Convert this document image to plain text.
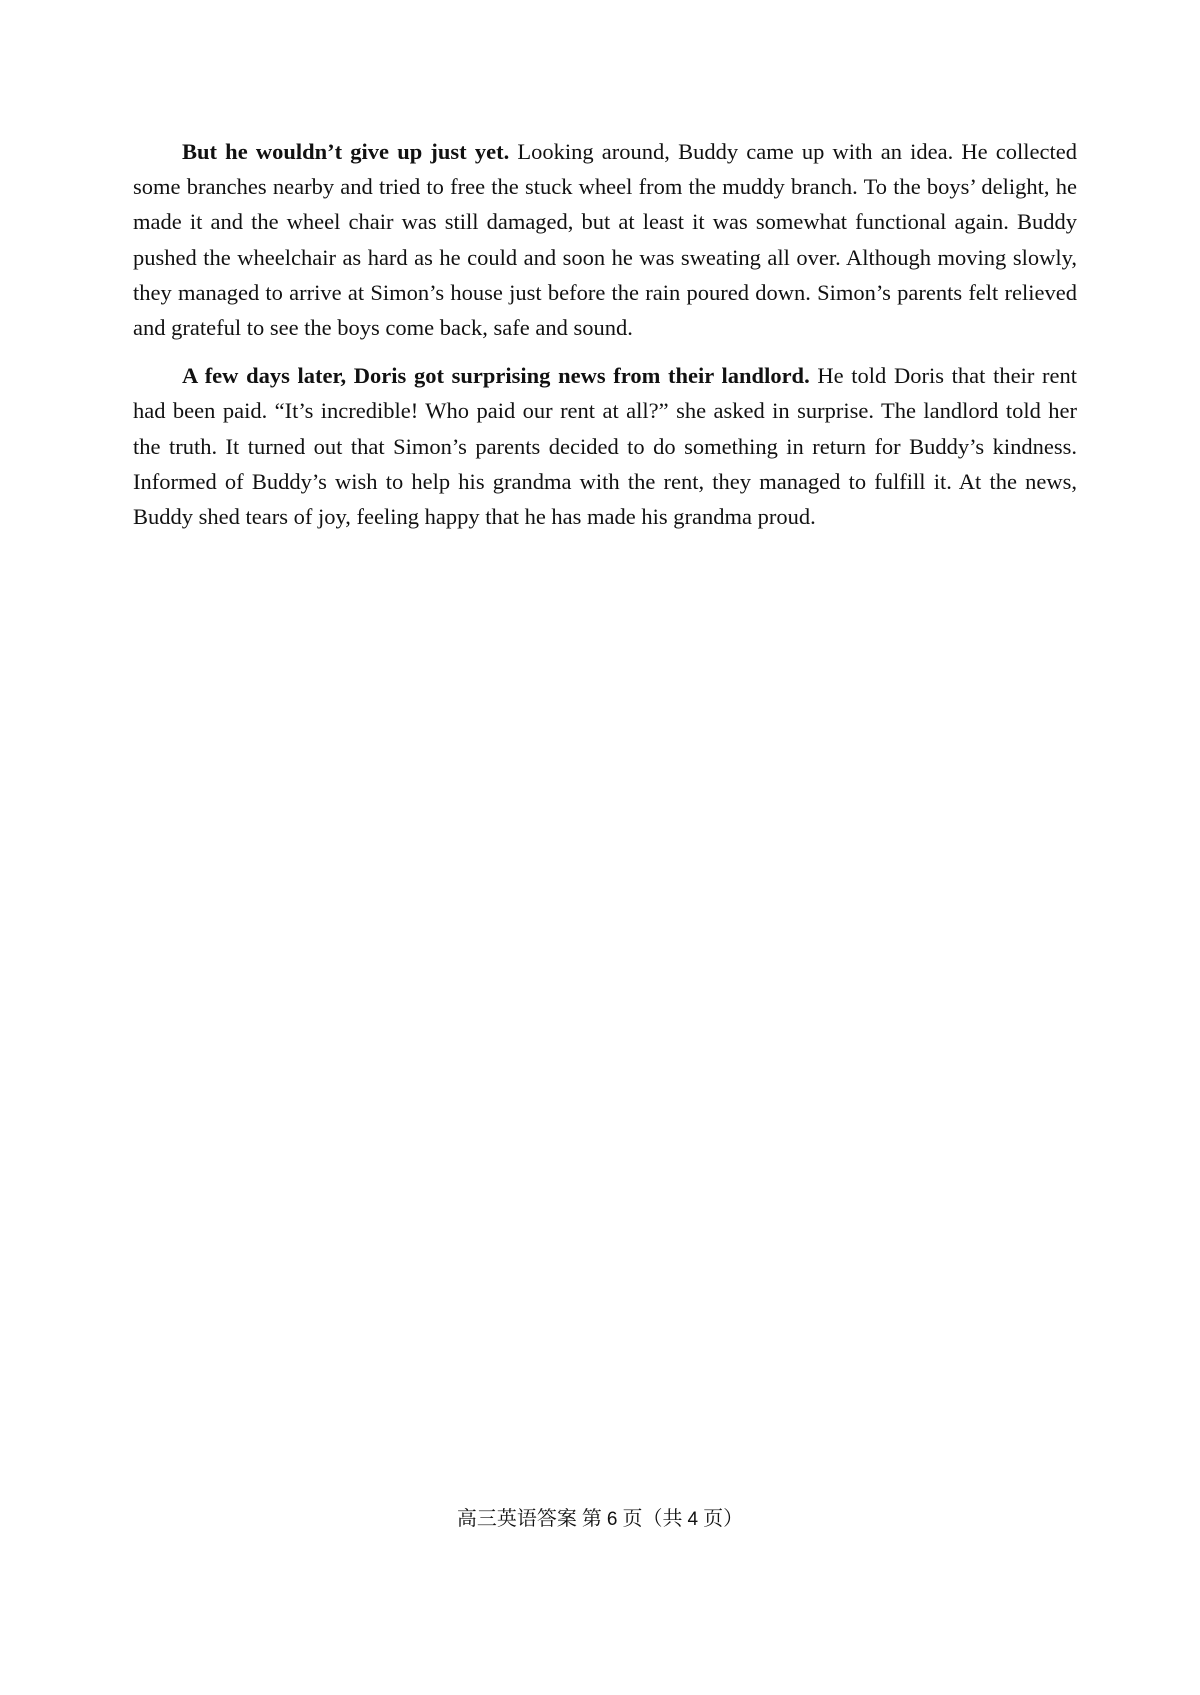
But he wouldn’t give up just yet. Looking around, Buddy came up with an idea. He collected some branches nearby and tried to free the stuck wheel from the muddy branch. To the boys’ delight, he made it and the wheel chair was still damaged, but at least it was somewhat functional again. Buddy pushed the wheelchair as hard as he could and soon he was sweating all over. Although moving slowly, they managed to arrive at Simon’s house just before the rain poured down. Simon’s parents felt relieved and grateful to see the boys come back, safe and sound.

A few days later, Doris got surprising news from their landlord. He told Doris that their rent had been paid. “It’s incredible! Who paid our rent at all?” she asked in surprise. The landlord told her the truth. It turned out that Simon’s parents decided to do something in return for Buddy’s kindness. Informed of Buddy’s wish to help his grandma with the rent, they managed to fulfill it. At the news, Buddy shed tears of joy, feeling happy that he has made his grandma proud.

高三英语答案 第 6 页（共 4 页）
